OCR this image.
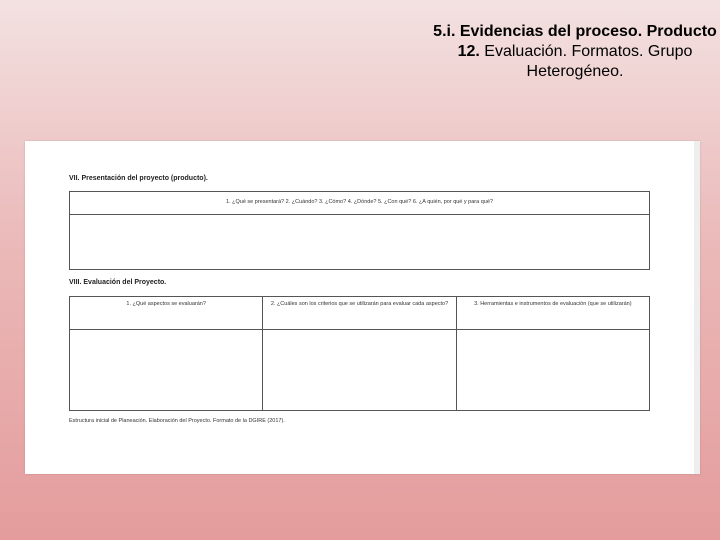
5.i. Evidencias del proceso. Producto 12. Evaluación. Formatos. Grupo Heterogéneo.
VII. Presentación del proyecto (producto).
1. ¿Qué se presentará? 2. ¿Cuándo? 3. ¿Cómo? 4. ¿Dónde? 5. ¿Con qué? 6. ¿A quién, por qué y para qué?
VIII. Evaluación del Proyecto.
1. ¿Qué aspectos se evaluarán?	2. ¿Cuáles son los criterios que se utilizarán para evaluar cada aspecto?	3. Herramientas e instrumentos de evaluación (que se utilizarán)
Estructura inicial de Planeación. Elaboración del Proyecto. Formato de la DGIRE (2017).
